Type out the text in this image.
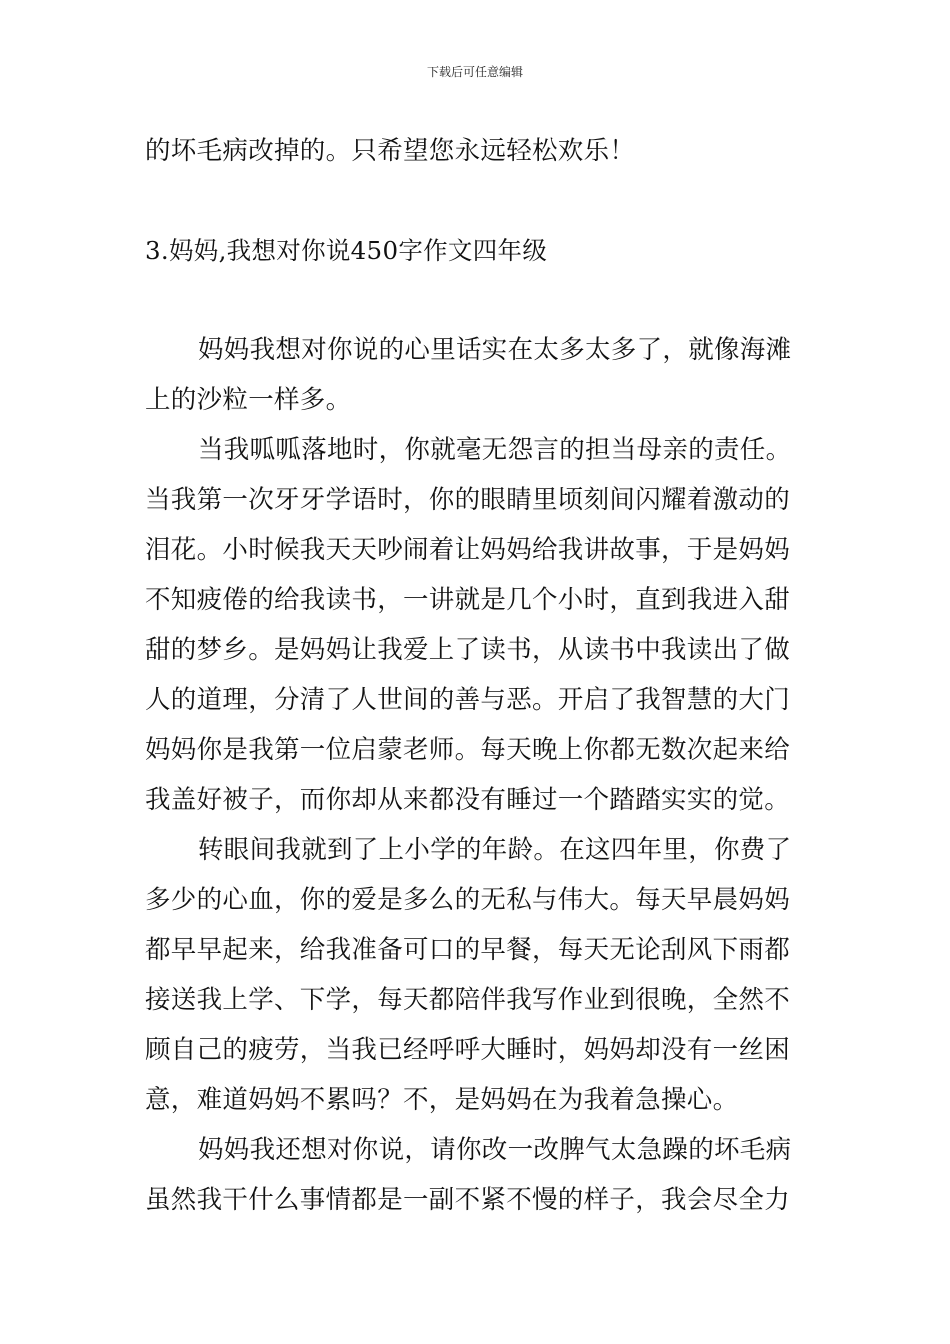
下载后可任意编辑
的坏毛病改掉的。只希望您永远轻松欢乐！
3.妈妈,我想对你说450字作文四年级
妈妈我想对你说的心里话实在太多太多了，就像海滩
上的沙粒一样多。
当我呱呱落地时，你就毫无怨言的担当母亲的责任。
当我第一次牙牙学语时，你的眼睛里顷刻间闪耀着激动的
泪花。小时候我天天吵闹着让妈妈给我讲故事，于是妈妈
不知疲倦的给我读书，一讲就是几个小时，直到我进入甜
甜的梦乡。是妈妈让我爱上了读书，从读书中我读出了做
人的道理，分清了人世间的善与恶。开启了我智慧的大门
妈妈你是我第一位启蒙老师。每天晚上你都无数次起来给
我盖好被子，而你却从来都没有睡过一个踏踏实实的觉。
转眼间我就到了上小学的年龄。在这四年里，你费了
多少的心血，你的爱是多么的无私与伟大。每天早晨妈妈
都早早起来，给我准备可口的早餐，每天无论刮风下雨都
接送我上学、下学，每天都陪伴我写作业到很晚，全然不
顾自己的疲劳，当我已经呼呼大睡时，妈妈却没有一丝困
意，难道妈妈不累吗？不，是妈妈在为我着急操心。
妈妈我还想对你说，请你改一改脾气太急躁的坏毛病
虽然我干什么事情都是一副不紧不慢的样子，我会尽全力
